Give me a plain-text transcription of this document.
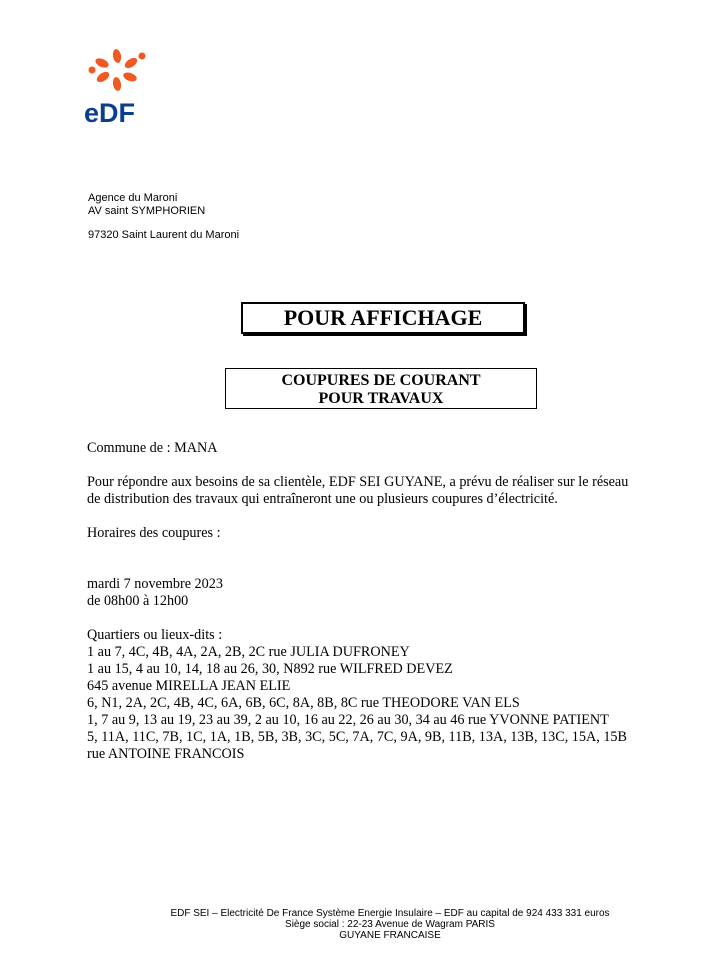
eDF
Agence du Maroni
AV saint SYMPHORIEN
97320 Saint Laurent du Maroni
POUR AFFICHAGE
COUPURES DE COURANT
POUR TRAVAUX

Commune de : MANA

Pour répondre aux besoins de sa clientèle, EDF SEI GUYANE, a prévu de réaliser sur le réseau

de distribution des travaux qui entraîneront une ou plusieurs coupures d’électricité.

Horaires des coupures :

mardi 7 novembre 2023

de 08h00 à 12h00

Quartiers ou lieux-dits :

1 au 7, 4C, 4B, 4A, 2A, 2B, 2C rue JULIA DUFRONEY

1 au 15, 4 au 10, 14, 18 au 26, 30, N892 rue WILFRED DEVEZ

645 avenue MIRELLA JEAN ELIE

6, N1, 2A, 2C, 4B, 4C, 6A, 6B, 6C, 8A, 8B, 8C rue THEODORE VAN ELS

1, 7 au 9, 13 au 19, 23 au 39, 2 au 10, 16 au 22, 26 au 30, 34 au 46 rue YVONNE PATIENT

5, 11A, 11C, 7B, 1C, 1A, 1B, 5B, 3B, 3C, 5C, 7A, 7C, 9A, 9B, 11B, 13A, 13B, 13C, 15A, 15B

rue ANTOINE FRANCOIS

EDF SEI – Electricité De France Système Energie Insulaire – EDF au capital de 924 433 331 euros
Siège social : 22-23 Avenue de Wagram PARIS
GUYANE FRANCAISE
